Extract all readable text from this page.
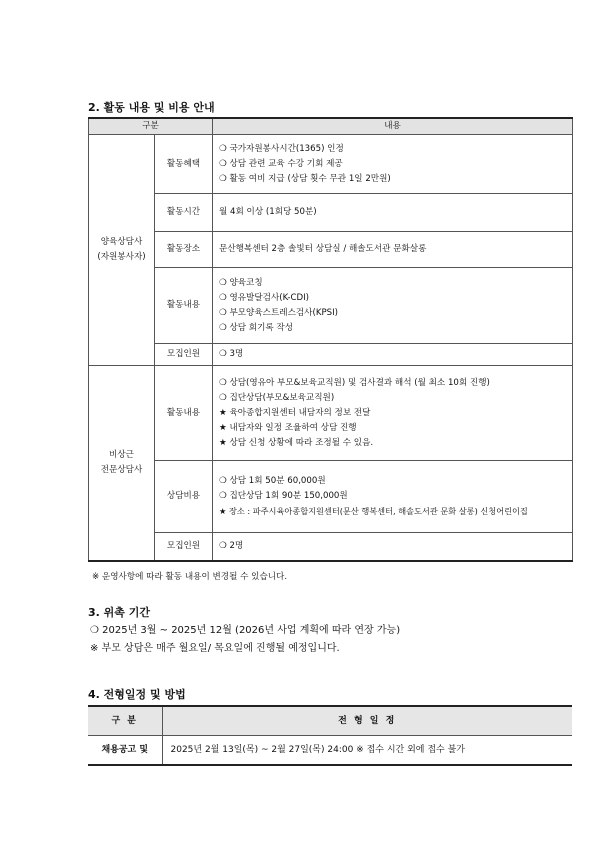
2. 활동 내용 및 비용 안내
구분		내용

양육상담사
(자원봉사자)	활동혜택	❍ 국가자원봉사시간(1365) 인정
❍ 상담 관련 교육 수강 기회 제공
❍ 활동 여비 지급 (상담 횟수 무관 1일 2만원)

	활동시간	월 4회 이상 (1회당 50분)

	활동장소	문산행복센터 2층 솔빛터 상담실 / 해솔도서관 문화살롱

	활동내용	❍ 양육코칭
❍ 영유발달검사(K-CDI)
❍ 부모양육스트레스검사(KPSI)
❍ 상담 회기록 작성

	모집인원	❍ 3명

비상근
전문상담사	활동내용	❍ 상담(영유아 부모&보육교직원) 및 검사결과 해석 (월 최소 10회 진행)
❍ 집단상담(부모&보육교직원)
★ 육아종합지원센터 내담자의 정보 전달
★ 내담자와 일정 조율하여 상담 진행
★ 상담 신청 상황에 따라 조정될 수 있음.

	상담비용	❍ 상담 1회 50분 60,000원
❍ 집단상담 1회 90분 150,000원
★ 장소 : 파주시육아종합지원센터(문산 행복센터, 해솔도서관 문화 살롱) 신청어린이집

	모집인원	❍ 2명
※ 운영사항에 따라 활동 내용이 변경될 수 있습니다.
3. 위촉 기간
❍ 2025년 3월 ~ 2025년 12월 (2026년 사업 계획에 따라 연장 가능)
※ 부모 상담은 매주 월요일/ 목요일에 진행될 예정입니다.
4. 전형일정 및 방법
구 분	전 형 일 정
채용공고 및	2025년 2월 13일(목) ~ 2월 27일(목) 24:00 ※ 접수 시간 외에 접수 불가
